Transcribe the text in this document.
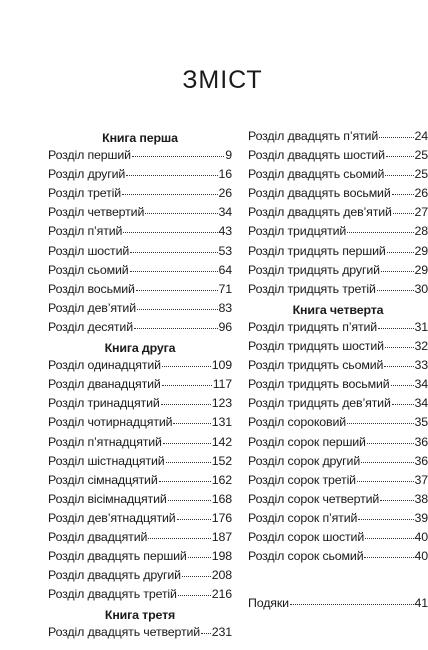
ЗМІСТ
Книга перша
Розділ перший	9
Розділ другий	16
Розділ третій	26
Розділ четвертий	34
Розділ п’ятий	43
Розділ шостий	53
Розділ сьомий	64
Розділ восьмий	71
Розділ дев’ятий	83
Розділ десятий	96
Книга друга
Розділ одинадцятий	109
Розділ дванадцятий	117
Розділ тринадцятий	123
Розділ чотирнадцятий	131
Розділ п’ятнадцятий	142
Розділ шістнадцятий	152
Розділ сімнадцятий	162
Розділ вісімнадцятий	168
Розділ дев’ятнадцятий	176
Розділ двадцятий	187
Розділ двадцять перший 198
Розділ двадцять другий 208
Розділ двадцять третій	216
Книга третя
Розділ двадцять четвертий 231
Розділ двадцять п’ятий	24
Розділ двадцять шостий 25
Розділ двадцять сьомий 25
Розділ двадцять восьмий 26
Розділ двадцять дев’ятий 27
Розділ тридцятий	28
Розділ тридцять перший 29
Розділ тридцять другий	29
Розділ тридцять третій	30
Книга четверта
Розділ тридцять п’ятий	31
Розділ тридцять шостий 32
Розділ тридцять сьомий	33
Розділ тридцять восьмий 34
Розділ тридцять дев’ятий 34
Розділ сороковий	35
Розділ сорок перший	36
Розділ сорок другий	36
Розділ сорок третій	37
Розділ сорок четвертий	38
Розділ сорок п’ятий	39
Розділ сорок шостий	40
Розділ сорок сьомий	40
Подяки	41
